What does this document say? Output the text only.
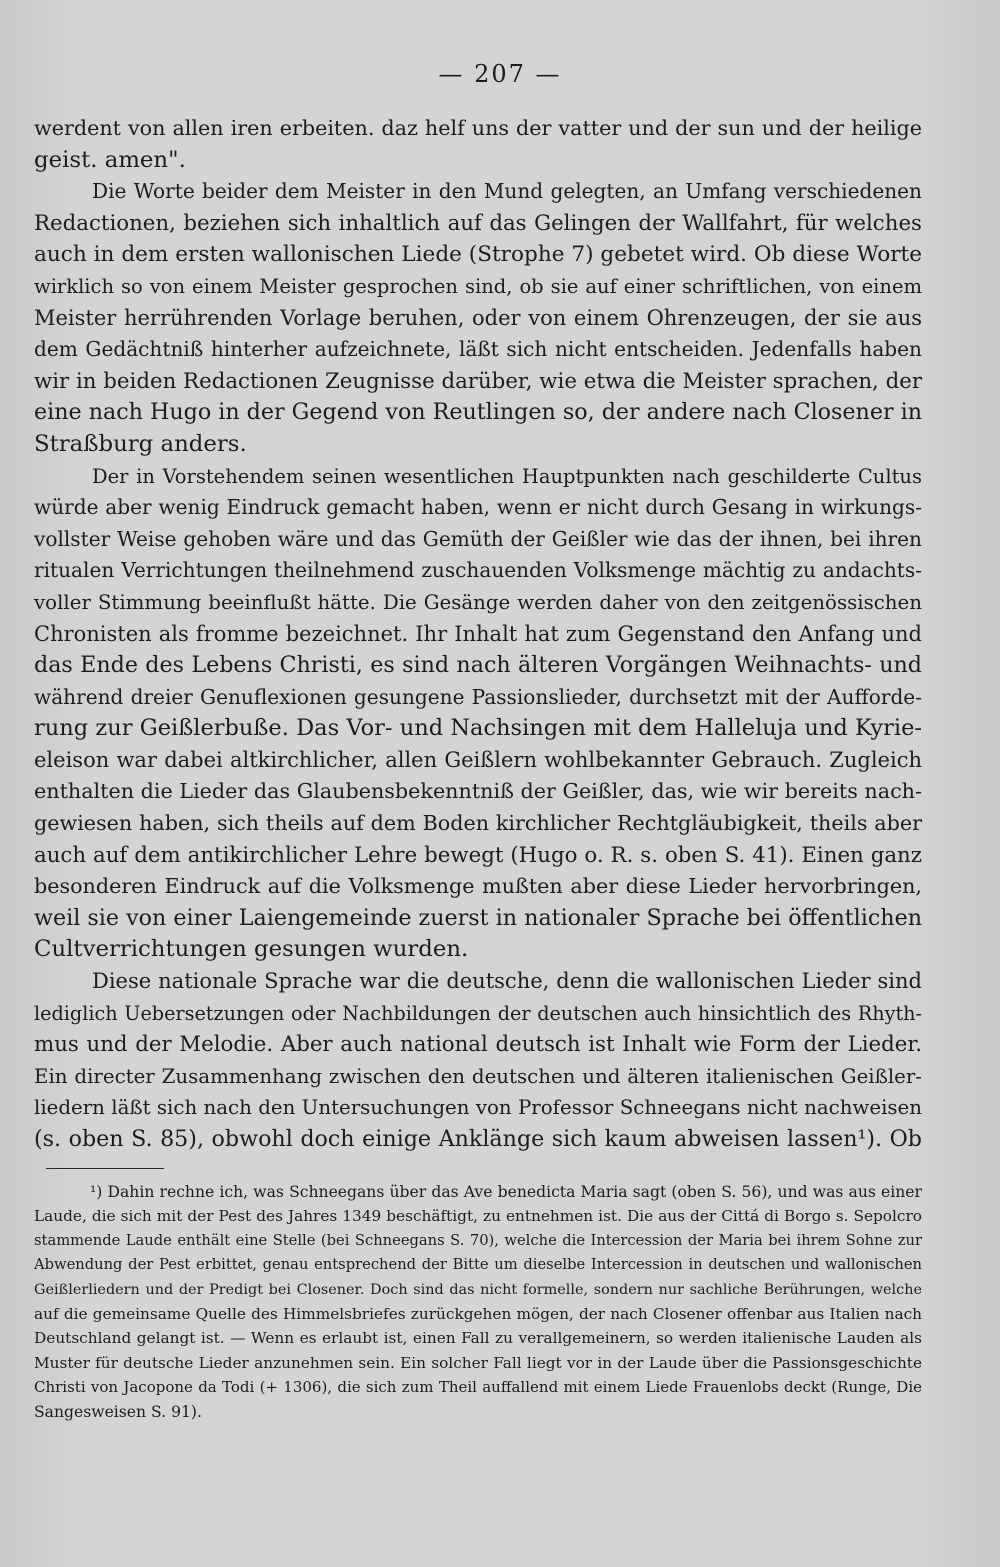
— 207 —
werdent von allen iren erbeiten. daz helf uns der vatter und der sun und der heilige
geist. amen".
Die Worte beider dem Meister in den Mund gelegten, an Umfang verschiedenen
Redactionen, beziehen sich inhaltlich auf das Gelingen der Wallfahrt, für welches
auch in dem ersten wallonischen Liede (Strophe 7) gebetet wird. Ob diese Worte
wirklich so von einem Meister gesprochen sind, ob sie auf einer schriftlichen, von einem
Meister herrührenden Vorlage beruhen, oder von einem Ohrenzeugen, der sie aus
dem Gedächtniß hinterher aufzeichnete, läßt sich nicht entscheiden. Jedenfalls haben
wir in beiden Redactionen Zeugnisse darüber, wie etwa die Meister sprachen, der
eine nach Hugo in der Gegend von Reutlingen so, der andere nach Closener in
Straßburg anders.
Der in Vorstehendem seinen wesentlichen Hauptpunkten nach geschilderte Cultus
würde aber wenig Eindruck gemacht haben, wenn er nicht durch Gesang in wirkungs-
vollster Weise gehoben wäre und das Gemüth der Geißler wie das der ihnen, bei ihren
ritualen Verrichtungen theilnehmend zuschauenden Volksmenge mächtig zu andachts-
voller Stimmung beeinflußt hätte. Die Gesänge werden daher von den zeitgenössischen
Chronisten als fromme bezeichnet. Ihr Inhalt hat zum Gegenstand den Anfang und
das Ende des Lebens Christi, es sind nach älteren Vorgängen Weihnachts- und
während dreier Genuflexionen gesungene Passionslieder, durchsetzt mit der Aufforde-
rung zur Geißlerbuße. Das Vor- und Nachsingen mit dem Halleluja und Kyrie-
eleison war dabei altkirchlicher, allen Geißlern wohlbekannter Gebrauch. Zugleich
enthalten die Lieder das Glaubensbekenntniß der Geißler, das, wie wir bereits nach-
gewiesen haben, sich theils auf dem Boden kirchlicher Rechtgläubigkeit, theils aber
auch auf dem antikirchlicher Lehre bewegt (Hugo o. R. s. oben S. 41). Einen ganz
besonderen Eindruck auf die Volksmenge mußten aber diese Lieder hervorbringen,
weil sie von einer Laiengemeinde zuerst in nationaler Sprache bei öffentlichen
Cultverrichtungen gesungen wurden.
Diese nationale Sprache war die deutsche, denn die wallonischen Lieder sind
lediglich Uebersetzungen oder Nachbildungen der deutschen auch hinsichtlich des Rhyth-
mus und der Melodie. Aber auch national deutsch ist Inhalt wie Form der Lieder.
Ein directer Zusammenhang zwischen den deutschen und älteren italienischen Geißler-
liedern läßt sich nach den Untersuchungen von Professor Schneegans nicht nachweisen
(s. oben S. 85), obwohl doch einige Anklänge sich kaum abweisen lassen¹). Ob
¹) Dahin rechne ich, was Schneegans über das Ave benedicta Maria sagt (oben S. 56), und was aus einer
Laude, die sich mit der Pest des Jahres 1349 beschäftigt, zu entnehmen ist. Die aus der Cittá di Borgo s. Sepolcro
stammende Laude enthält eine Stelle (bei Schneegans S. 70), welche die Intercession der Maria bei ihrem Sohne zur
Abwendung der Pest erbittet, genau entsprechend der Bitte um dieselbe Intercession in deutschen und wallonischen
Geißlerliedern und der Predigt bei Closener. Doch sind das nicht formelle, sondern nur sachliche Berührungen, welche
auf die gemeinsame Quelle des Himmelsbriefes zurückgehen mögen, der nach Closener offenbar aus Italien nach
Deutschland gelangt ist. — Wenn es erlaubt ist, einen Fall zu verallgemeinern, so werden italienische Lauden als
Muster für deutsche Lieder anzunehmen sein. Ein solcher Fall liegt vor in der Laude über die Passionsgeschichte
Christi von Jacopone da Todi (+ 1306), die sich zum Theil auffallend mit einem Liede Frauenlobs deckt (Runge, Die
Sangesweisen S. 91).
